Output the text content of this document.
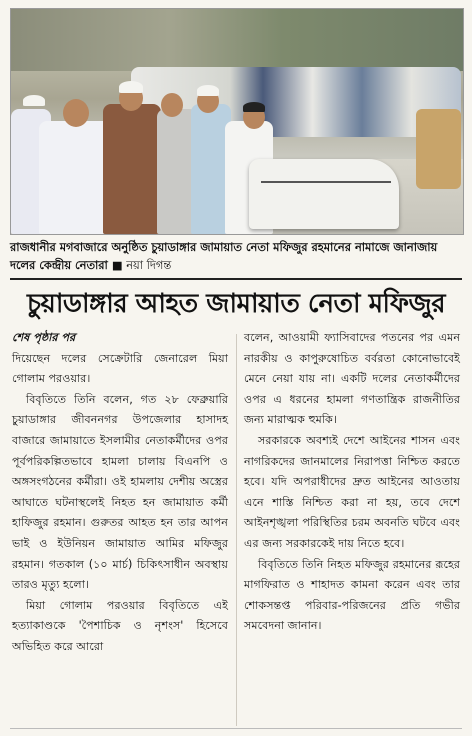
রাজধানীর মগবাজারে অনুষ্ঠিত চুয়াডাঙ্গার জামায়াত নেতা মফিজুর রহমানের নামাজে জানাজায় দলের কেন্দ্রীয় নেতারা ■ নয়া দিগন্ত
চুয়াডাঙ্গার আহত জামায়াত নেতা মফিজুর

শেষ পৃষ্ঠার পর

দিয়েছেন দলের সেক্রেটারি জেনারেল মিয়া গোলাম পরওয়ার।

বিবৃতিতে তিনি বলেন, গত ২৮ ফেব্রুয়ারি চুয়াডাঙ্গার জীবননগর উপজেলার হাসাদহ বাজারে জামায়াতে ইসলামীর নেতাকর্মীদের ওপর পূর্বপরিকল্পিতভাবে হামলা চালায় বিএনপি ও অঙ্গসংগঠনের কর্মীরা। ওই হামলায় দেশীয় অস্ত্রের আঘাতে ঘটনাস্থলেই নিহত হন জামায়াত কর্মী হাফিজুর রহমান। গুরুতর আহত হন তার আপন ভাই ও ইউনিয়ন জামায়াত আমির মফিজুর রহমান। গতকাল (১০ মার্চ) চিকিৎসাধীন অবস্থায় তারও মৃত্যু হলো।

মিয়া গোলাম পরওয়ার বিবৃতিতে এই হত্যাকাণ্ডকে 'পৈশাচিক ও নৃশংস' হিসেবে অভিহিত করে আরো

বলেন, আওয়ামী ফ্যাসিবাদের পতনের পর এমন নারকীয় ও কাপুরুষোচিত বর্বরতা কোনোভাবেই মেনে নেয়া যায় না। একটি দলের নেতাকর্মীদের ওপর এ ধরনের হামলা গণতান্ত্রিক রাজনীতির জন্য মারাত্মক হুমকি।

সরকারকে অবশ্যই দেশে আইনের শাসন এবং নাগরিকদের জানমালের নিরাপত্তা নিশ্চিত করতে হবে। যদি অপরাধীদের দ্রুত আইনের আওতায় এনে শাস্তি নিশ্চিত করা না হয়, তবে দেশে আইনশৃঙ্খলা পরিস্থিতির চরম অবনতি ঘটবে এবং এর জন্য সরকারকেই দায় নিতে হবে।

বিবৃতিতে তিনি নিহত মফিজুর রহমানের রূহের মাগফিরাত ও শাহাদত কামনা করেন এবং তার শোকসন্তপ্ত পরিবার-পরিজনের প্রতি গভীর সমবেদনা জানান।
